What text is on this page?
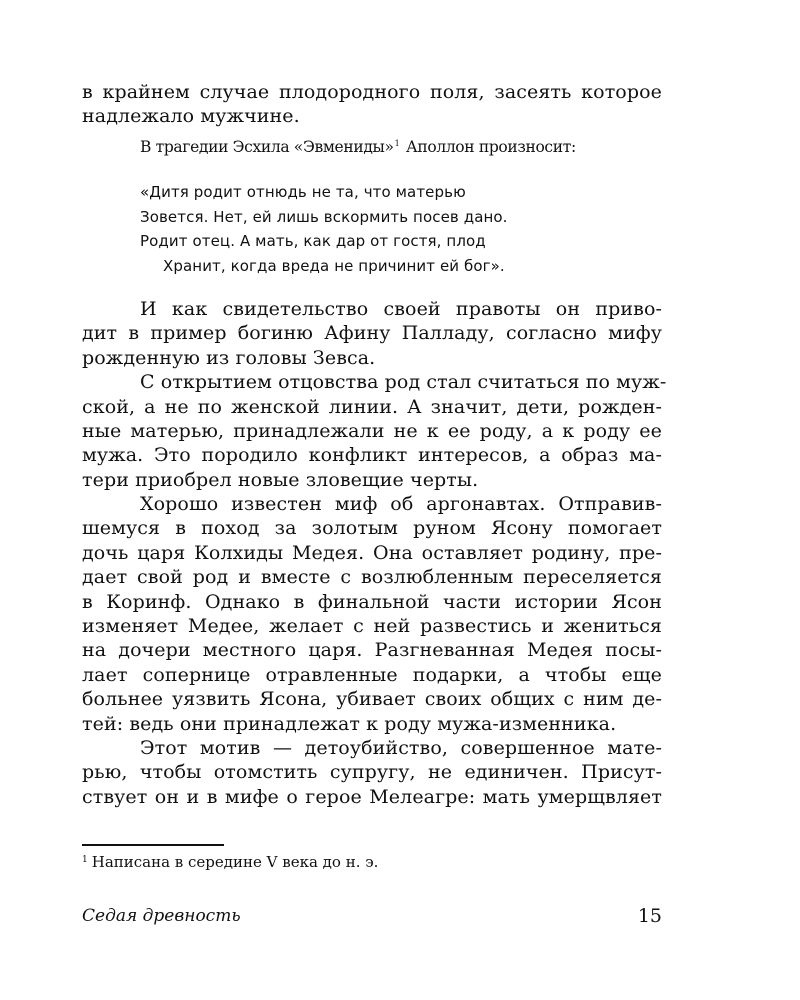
в крайнем случае плодородного поля, засеять которое
надлежало мужчине.
В трагедии Эсхила «Эвмениды»$^1$ Аполлон произносит:
«Дитя родит отнюдь не та, что матерью
Зовется. Нет, ей лишь вскормить посев дано.
Родит отец. А мать, как дар от гостя, плод
Хранит, когда вреда не причинит ей бог».
И как свидетельство своей правоты он приво-
дит в пример богиню Афину Палладу, согласно мифу
рожденную из головы Зевса.
С открытием отцовства род стал считаться по муж-
ской, а не по женской линии. А значит, дети, рожден-
ные матерью, принадлежали не к ее роду, а к роду ее
мужа. Это породило конфликт интересов, а образ ма-
тери приобрел новые зловещие черты.
Хорошо известен миф об аргонавтах. Отправив-
шемуся в поход за золотым руном Ясону помогает
дочь царя Колхиды Медея. Она оставляет родину, пре-
дает свой род и вместе с возлюбленным переселяется
в Коринф. Однако в финальной части истории Ясон
изменяет Медее, желает с ней развестись и жениться
на дочери местного царя. Разгневанная Медея посы-
лает сопернице отравленные подарки, а чтобы еще
больнее уязвить Ясона, убивает своих общих с ним де-
тей: ведь они принадлежат к роду мужа-изменника.
Этот мотив — детоубийство, совершенное мате-
рью, чтобы отомстить супругу, не единичен. Присут-
ствует он и в мифе о герое Мелеагре: мать умерщвляет
$^1$ Написана в середине V века до н. э.
Седая древность	15
